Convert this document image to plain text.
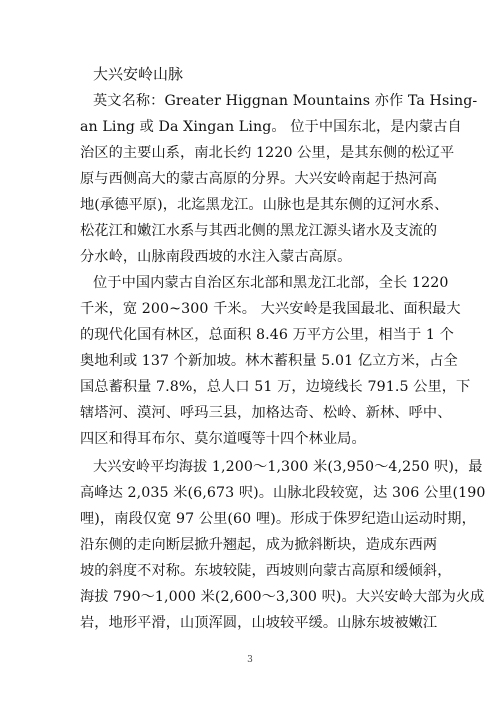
大兴安岭山脉
英文名称：Greater Higgnan Mountains 亦作 Ta Hsing-
an Ling 或 Da Xingan Ling。 位于中国东北，是内蒙古自
治区的主要山系，南北长约 1220 公里，是其东侧的松辽平
原与西侧高大的蒙古高原的分界。大兴安岭南起于热河高
地(承德平原)，北迄黑龙江。山脉也是其东侧的辽河水系、
松花江和嫩江水系与其西北侧的黑龙江源头诸水及支流的
分水岭，山脉南段西坡的水注入蒙古高原。
位于中国内蒙古自治区东北部和黑龙江北部，全长 1220
千米，宽 200~300 千米。 大兴安岭是我国最北、面积最大
的现代化国有林区，总面积 8.46 万平方公里，相当于 1 个
奥地利或 137 个新加坡。林木蓄积量 5.01 亿立方米，占全
国总蓄积量 7.8%，总人口 51 万，边境线长 791.5 公里，下
辖塔河、漠河、呼玛三县，加格达奇、松岭、新林、呼中、
四区和得耳布尔、莫尔道嘎等十四个林业局。
大兴安岭平均海拔 1,200～1,300 米(3,950～4,250 呎)，最
高峰达 2,035 米(6,673 呎)。山脉北段较宽，达 306 公里(190
哩)，南段仅宽 97 公里(60 哩)。形成于侏罗纪造山运动时期，
沿东侧的走向断层掀升翘起，成为掀斜断块，造成东西两
坡的斜度不对称。东坡较陡，西坡则向蒙古高原和缓倾斜，
海拔 790～1,000 米(2,600～3,300 呎)。大兴安岭大部为火成
岩，地形平滑，山顶浑圆，山坡较平缓。山脉东坡被嫩江
3
